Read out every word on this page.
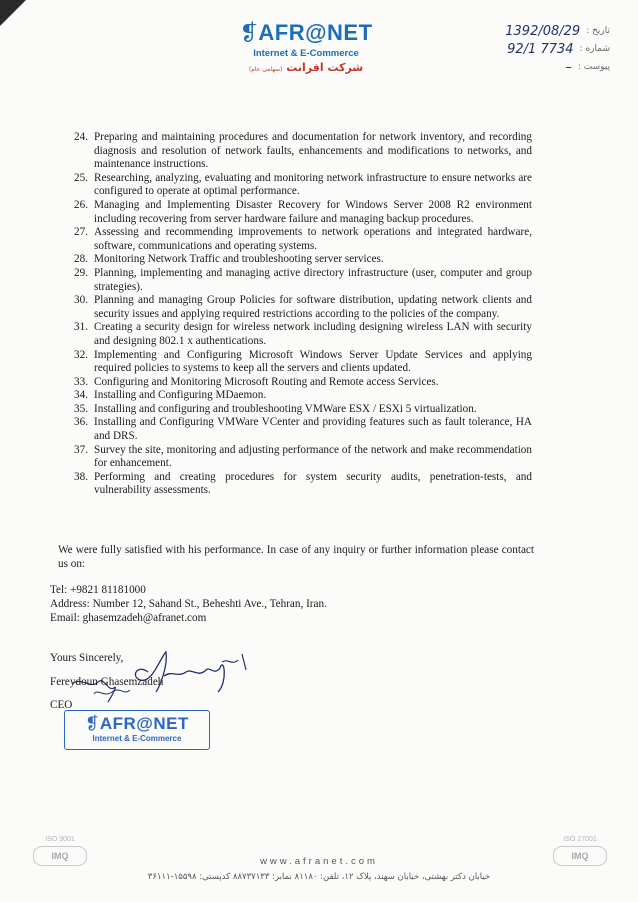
❡AFR@NET
Internet & E-Commerce
شرکت افرانت (سهامی عام)
1392/08/29 تاریخ :
92/1 7734 شماره :
– پیوست :
24. Preparing and maintaining procedures and documentation for network inventory, and recording diagnosis and resolution of network faults, enhancements and modifications to networks, and maintenance instructions.
25. Researching, analyzing, evaluating and monitoring network infrastructure to ensure networks are configured to operate at optimal performance.
26. Managing and Implementing Disaster Recovery for Windows Server 2008 R2 environment including recovering from server hardware failure and managing backup procedures.
27. Assessing and recommending improvements to network operations and integrated hardware, software, communications and operating systems.
28. Monitoring Network Traffic and troubleshooting server services.
29. Planning, implementing and managing active directory infrastructure (user, computer and group strategies).
30. Planning and managing Group Policies for software distribution, updating network clients and security issues and applying required restrictions according to the policies of the company.
31. Creating a security design for wireless network including designing wireless LAN with security and designing 802.1 x authentications.
32. Implementing and Configuring Microsoft Windows Server Update Services and applying required policies to systems to keep all the servers and clients updated.
33. Configuring and Monitoring Microsoft Routing and Remote access Services.
34. Installing and Configuring MDaemon.
35. Installing and configuring and troubleshooting VMWare ESX / ESXi 5 virtualization.
36. Installing and Configuring VMWare VCenter and providing features such as fault tolerance, HA and DRS.
37. Survey the site, monitoring and adjusting performance of the network and make recommendation for enhancement.
38. Performing and creating procedures for system security audits, penetration-tests, and vulnerability assessments.
We were fully satisfied with his performance. In case of any inquiry or further information please contact us on:
Tel: +9821 81181000
Address: Number 12, Sahand St., Beheshti Ave., Tehran, Iran.
Email: ghasemzadeh@afranet.com
Yours Sincerely,
Fereydoun Ghasemzadeh
CEO
❡AFR@NET
Internet & E-Commerce
ISO 9001
IMQ
ISO 27001
IMQ
www.afranet.com
خیابان دکتر بهشتی، خیابان سهند، پلاک ۱۲، تلفن: ۸۱۱۸۰ نمابر: ۸۸۷۳۷۱۳۳ کدپستی: ۱۵۵۹۸-۳۶۱۱۱
